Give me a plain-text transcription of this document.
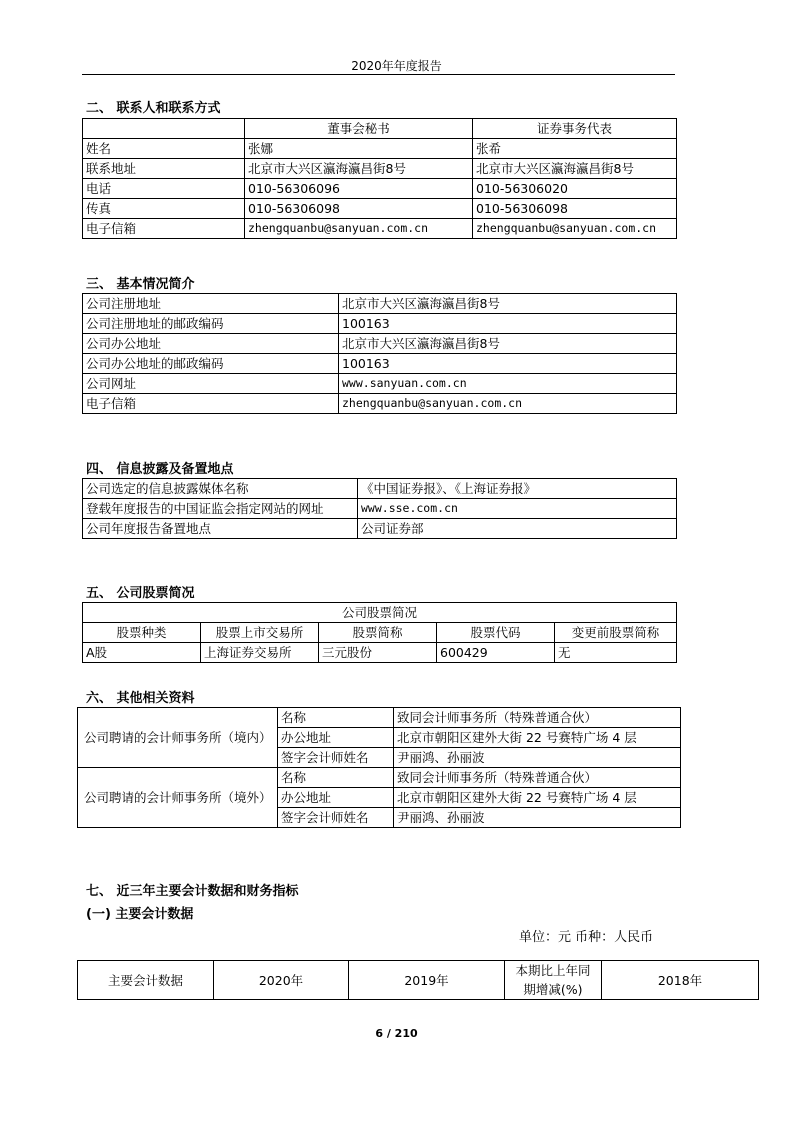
2020年年度报告
二、 联系人和联系方式
	董事会秘书	证券事务代表
姓名	张娜	张希
联系地址	北京市大兴区瀛海瀛昌街8号	北京市大兴区瀛海瀛昌街8号
电话	010-56306096	010-56306020
传真	010-56306098	010-56306098
电子信箱	zhengquanbu@sanyuan.com.cn	zhengquanbu@sanyuan.com.cn
三、 基本情况简介
公司注册地址	北京市大兴区瀛海瀛昌街8号
公司注册地址的邮政编码	100163
公司办公地址	北京市大兴区瀛海瀛昌街8号
公司办公地址的邮政编码	100163
公司网址	www.sanyuan.com.cn
电子信箱	zhengquanbu@sanyuan.com.cn
四、 信息披露及备置地点
公司选定的信息披露媒体名称	《中国证券报》、《上海证券报》
登载年度报告的中国证监会指定网站的网址	www.sse.com.cn
公司年度报告备置地点	公司证券部
五、 公司股票简况
公司股票简况				
股票种类	股票上市交易所	股票简称	股票代码	变更前股票简称
A股	上海证券交易所	三元股份	600429	无
六、 其他相关资料
公司聘请的会计师事务所（境内）	名称	致同会计师事务所（特殊普通合伙）
	办公地址	北京市朝阳区建外大街 22 号赛特广场 4 层
	签字会计师姓名	尹丽鸿、孙丽波
公司聘请的会计师事务所（境外）	名称	致同会计师事务所（特殊普通合伙）
	办公地址	北京市朝阳区建外大街 22 号赛特广场 4 层
	签字会计师姓名	尹丽鸿、孙丽波
七、 近三年主要会计数据和财务指标
(一) 主要会计数据
单位：元 币种：人民币
主要会计数据	2020年	2019年	本期比上年同期增减(%)	2018年
6 / 210
